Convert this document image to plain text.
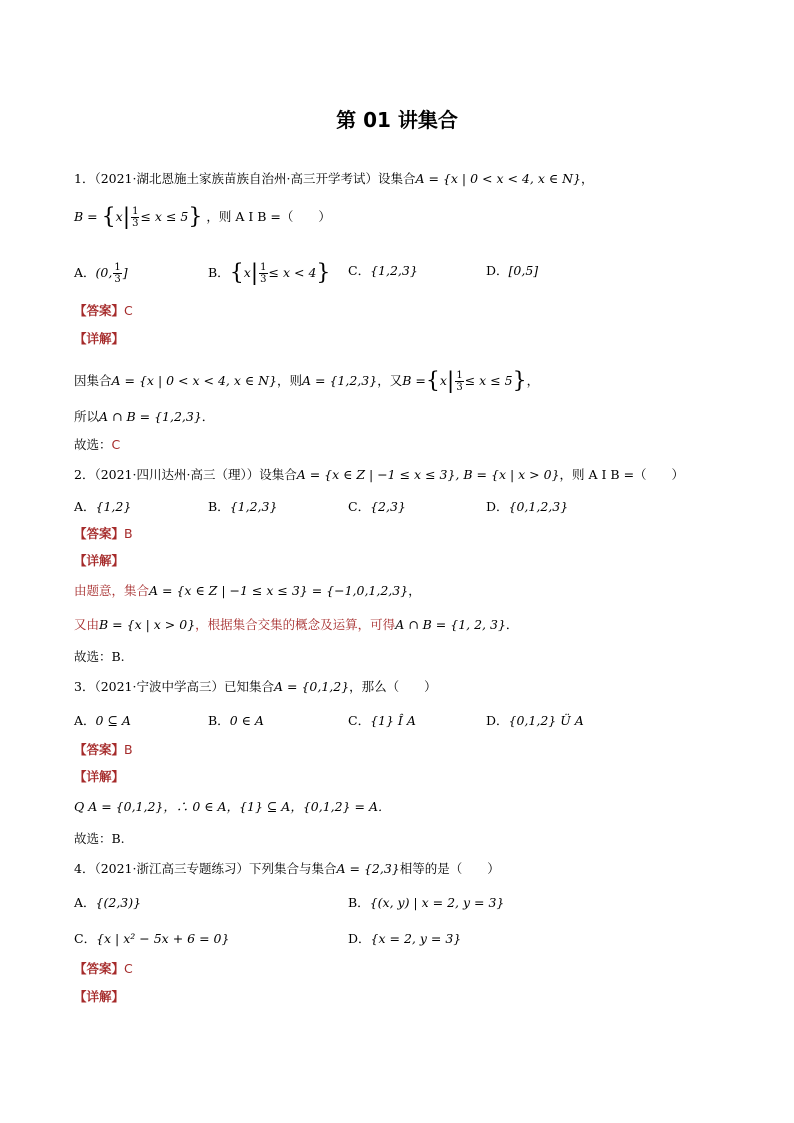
第 01 讲集合
1．（2021·湖北恩施土家族苗族自治州·高三开学考试）设集合A = {x | 0 < x < 4, x ∈ N}，
$B = \{x| \frac{1}{3} \le x \le 5\}$ ，则 A I B =（　　）
A．(0, $\frac{1}{3}$ ]	B．$\{x| \frac{1}{3} \le x < 4\}$ C．{1,2,3}	D．[0,5]
【答案】C
【详解】
因集合A = {x | 0 < x < 4, x ∈ N}，则A = {1,2,3}，又$B =\{x| \frac{1}{3} \le x \le 5\}$，
所以A ∩ B = {1,2,3}．
故选：C
2．（2021·四川达州·高三（理））设集合A = {x ∈ Z | −1 ≤ x ≤ 3}, B = {x | x > 0}，则 A I B =（　　）
A．{1,2}	B．{1,2,3}	C．{2,3}	D．{0,1,2,3}
【答案】B
【详解】
由题意，集合A = {x ∈ Z | −1 ≤ x ≤ 3} = {−1,0,1,2,3}，
又由B = {x | x > 0}，根据集合交集的概念及运算，可得A ∩ B = {1, 2, 3}．
故选：B.
3．（2021·宁波中学高三）已知集合A = {0,1,2}，那么（　　）
A．0 ⊆ A	B．0 ∈ A	C．{1} Î A	D．{0,1,2} Ü A
【答案】B
【详解】
Q A = {0,1,2}，∴ 0 ∈ A，{1} ⊆ A，{0,1,2} = A．
故选：B.
4．（2021·浙江高三专题练习）下列集合与集合A = {2,3}相等的是（　　）
A．{(2,3)}	B．{(x, y) | x = 2, y = 3}
C．{x | x² − 5x + 6 = 0}	D．{x = 2, y = 3}
【答案】C
【详解】
